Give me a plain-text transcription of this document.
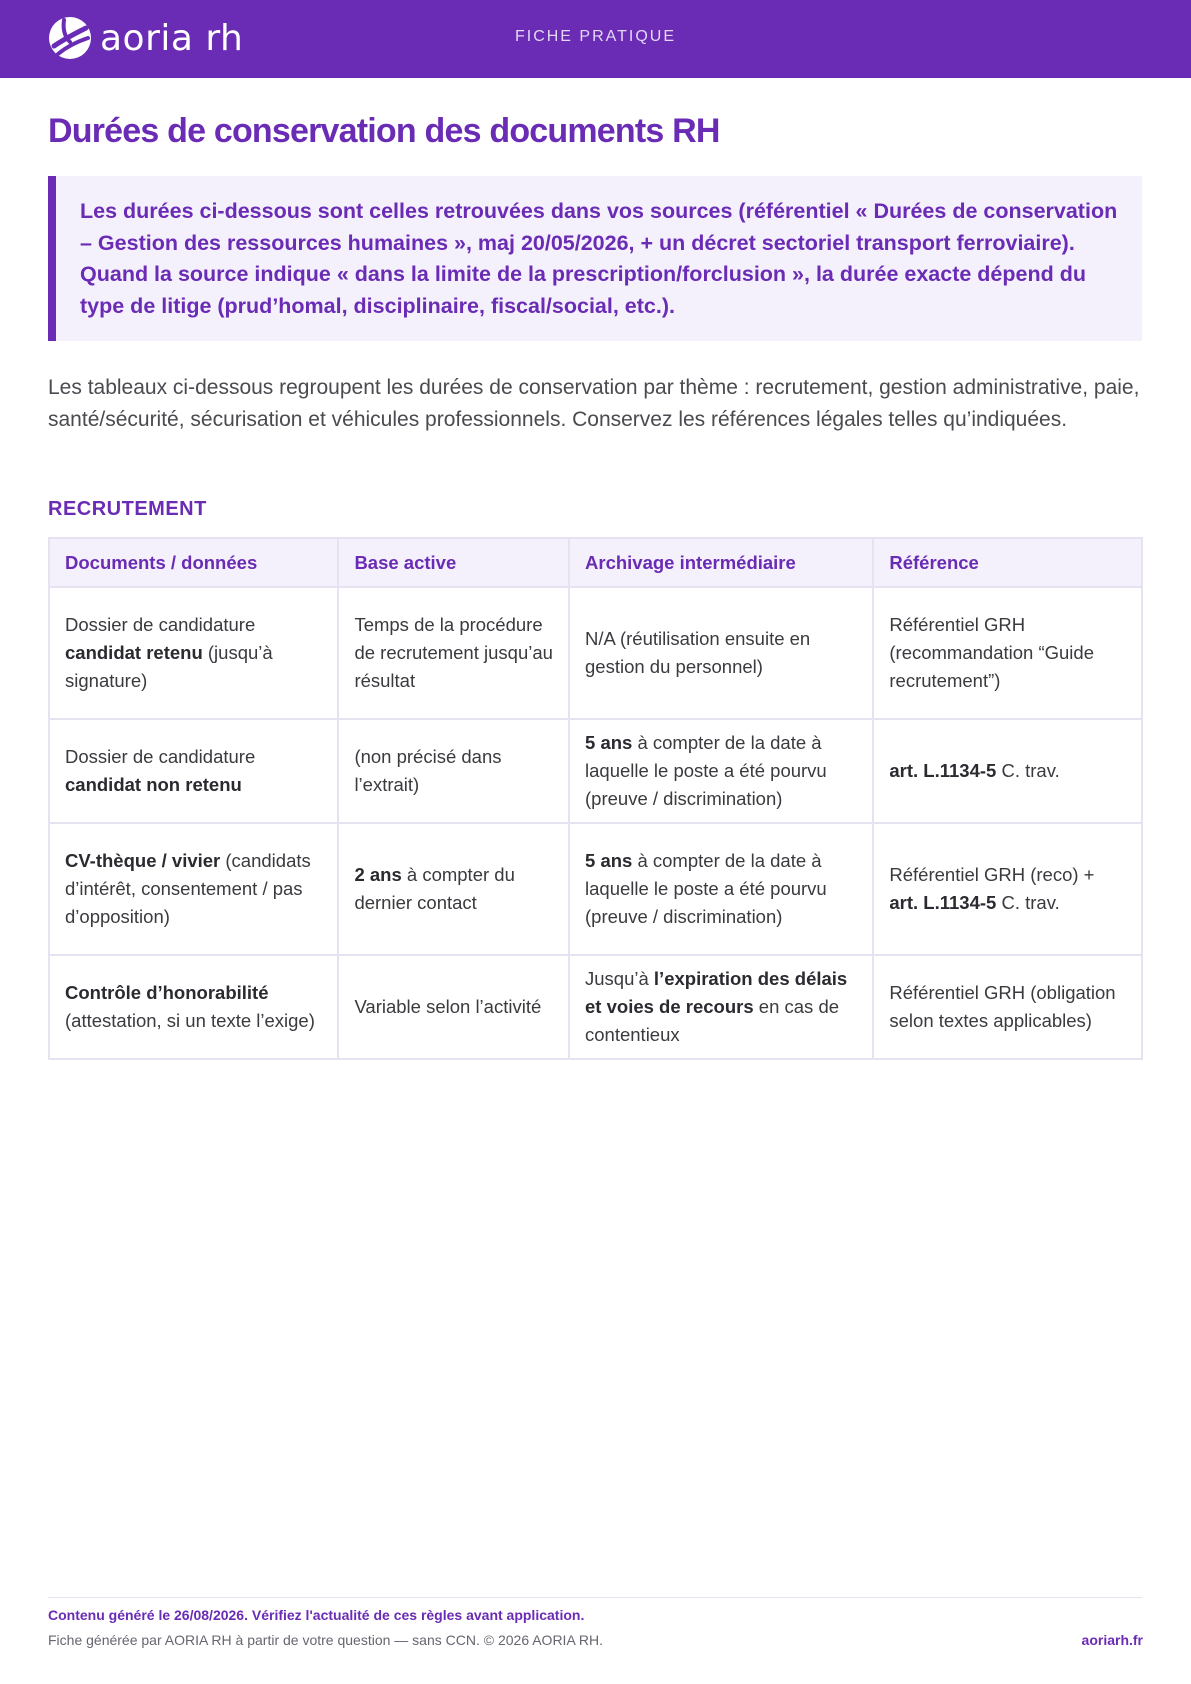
aoria rh	FICHE PRATIQUE
Durées de conservation des documents RH

Les durées ci-dessous sont celles retrouvées dans vos sources (référentiel « Durées de conservation – Gestion des ressources humaines », maj 20/05/2026, + un décret sectoriel transport ferroviaire). Quand la source indique « dans la limite de la prescription/forclusion », la durée exacte dépend du type de litige (prud’homal, disciplinaire, fiscal/social, etc.).

Les tableaux ci-dessous regroupent les durées de conservation par thème : recrutement, gestion administrative, paie, santé/sécurité, sécurisation et véhicules professionnels. Conservez les références légales telles qu’indiquées.

RECRUTEMENT
Documents / données	Base active	Archivage intermédiaire	Référence
Dossier de candidature candidat retenu (jusqu’à signature)	Temps de la procédure de recrutement jusqu’au résultat	N/A (réutilisation ensuite en gestion du personnel)	Référentiel GRH (recommandation “Guide recrutement”)
Dossier de candidature candidat non retenu	(non précisé dans l’extrait)	5 ans à compter de la date à laquelle le poste a été pourvu (preuve / discrimination)	art. L.1134-5 C. trav.
CV-thèque / vivier (candidats d’intérêt, consentement / pas d’opposition)	2 ans à compter du dernier contact	5 ans à compter de la date à laquelle le poste a été pourvu (preuve / discrimination)	Référentiel GRH (reco) + art. L.1134-5 C. trav.
Contrôle d’honorabilité (attestation, si un texte l’exige)	Variable selon l’activité	Jusqu’à l’expiration des délais et voies de recours en cas de contentieux	Référentiel GRH (obligation selon textes applicables)
Contenu généré le 26/08/2026. Vérifiez l'actualité de ces règles avant application.
Fiche générée par AORIA RH à partir de votre question — sans CCN. © 2026 AORIA RH.	aoriarh.fr
